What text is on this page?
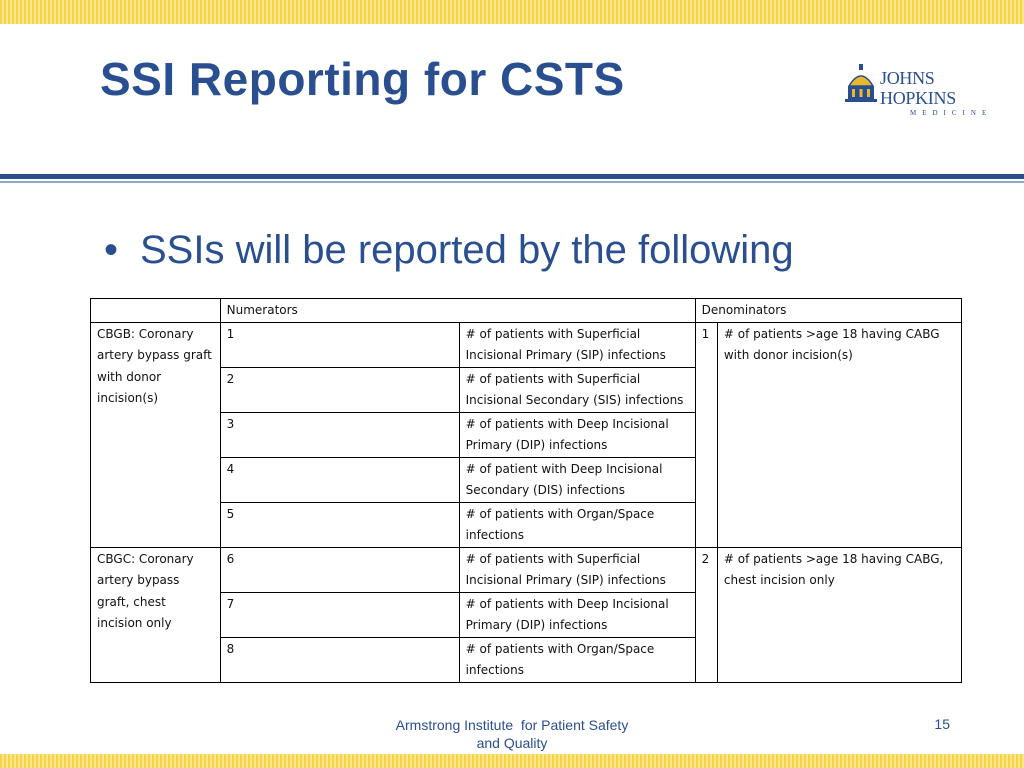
SSI Reporting for CSTS	JOHNS HOPKINS
MEDICINE

• SSIs will be reported by the following

	Numerators		Denominators	
CBGB: Coronary artery bypass graft with donor incision(s)	1	# of patients with Superficial Incisional Primary (SIP) infections	1	# of patients >age 18 having CABG with donor incision(s)
	2	# of patients with Superficial Incisional Secondary (SIS) infections		
	3	# of patients with Deep Incisional Primary (DIP) infections		
	4	# of patient with Deep Incisional Secondary (DIS) infections		
	5	# of patients with Organ/Space infections		
CBGC: Coronary artery bypass graft, chest incision only	6	# of patients with Superficial Incisional Primary (SIP) infections	2	# of patients >age 18 having CABG, chest incision only
	7	# of patients with Deep Incisional Primary (DIP) infections		
	8	# of patients with Organ/Space infections		
Armstrong Institute  for Patient Safety
and Quality
15
